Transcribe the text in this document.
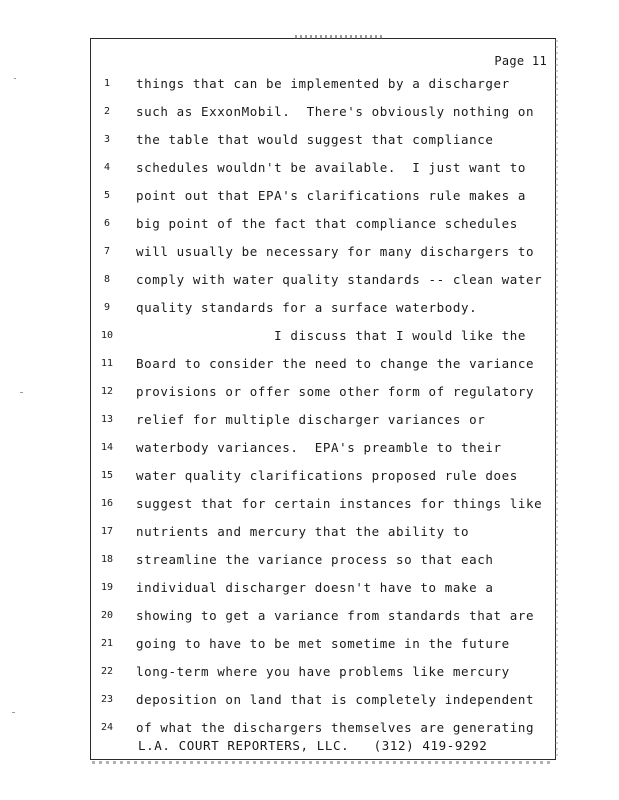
Page 11
1	things that can be implemented by a discharger
2	such as ExxonMobil.  There's obviously nothing on
3	the table that would suggest that compliance
4	schedules wouldn't be available.  I just want to
5	point out that EPA's clarifications rule makes a
6	big point of the fact that compliance schedules
7	will usually be necessary for many dischargers to
8	comply with water quality standards -- clean water
9	quality standards for a surface waterbody.
10 I discuss that I would like the
11 Board to consider the need to change the variance
12 provisions or offer some other form of regulatory
13 relief for multiple discharger variances or
14 waterbody variances.  EPA's preamble to their
15 water quality clarifications proposed rule does
16 suggest that for certain instances for things like
17 nutrients and mercury that the ability to
18 streamline the variance process so that each
19 individual discharger doesn't have to make a
20 showing to get a variance from standards that are
21 going to have to be met sometime in the future
22 long-term where you have problems like mercury
23 deposition on land that is completely independent
24 of what the dischargers themselves are generating
L.A. COURT REPORTERS, LLC.   (312) 419-9292
